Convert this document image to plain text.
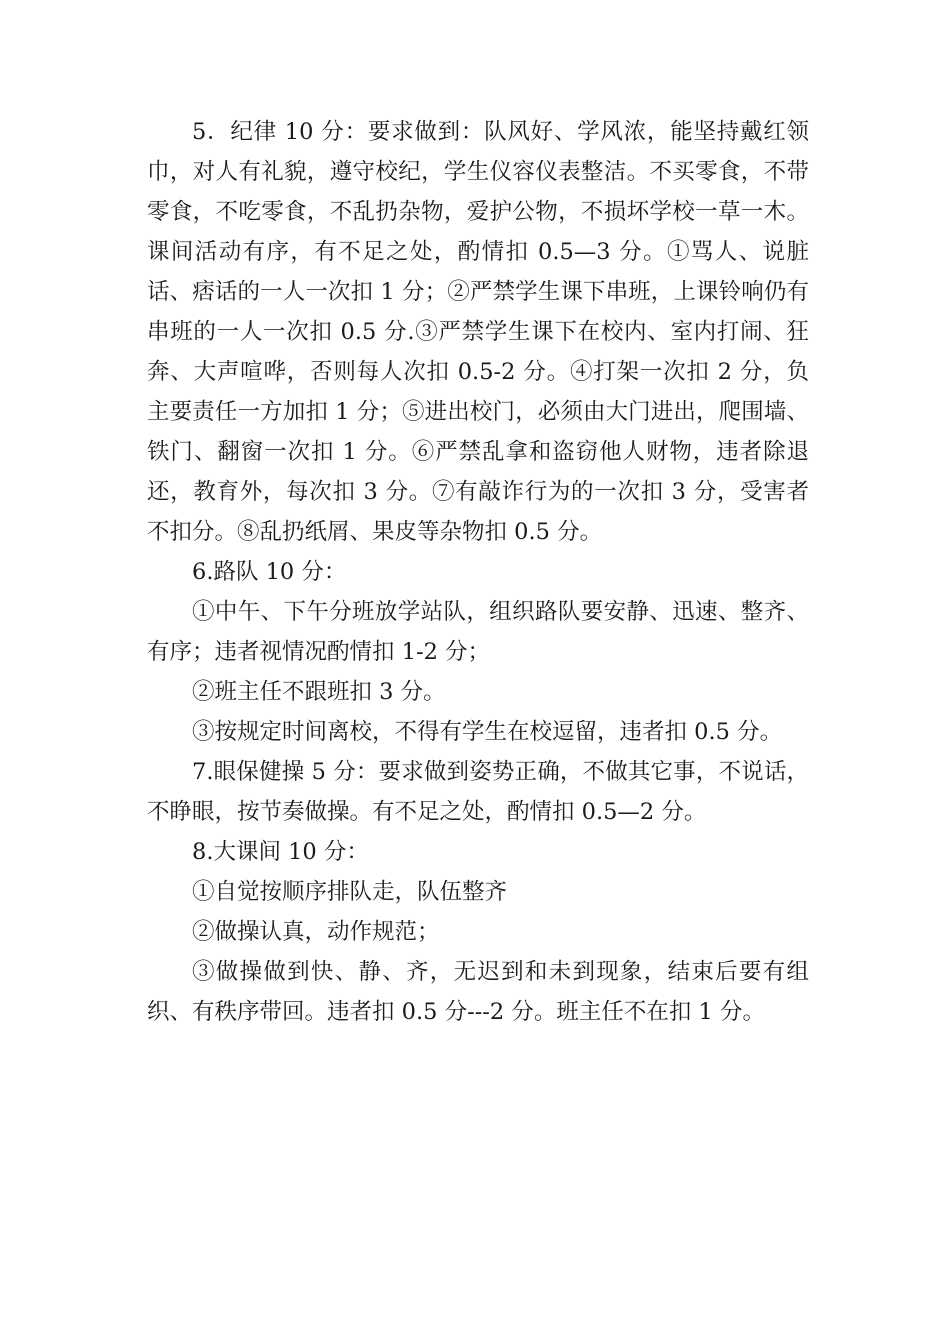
5．纪律 10 分：要求做到：队风好、学风浓，能坚持戴红领巾，对人有礼貌，遵守校纪，学生仪容仪表整洁。不买零食，不带零食，不吃零食，不乱扔杂物，爱护公物，不损坏学校一草一木。 课间活动有序，有不足之处，酌情扣 0.5—3 分。①骂人、说脏话、痞话的一人一次扣 1 分；②严禁学生课下串班，上课铃响仍有串班的一人一次扣 0.5 分.③严禁学生课下在校内、室内打闹、狂奔、大声喧哗，否则每人次扣 0.5-2 分。④打架一次扣 2 分，负主要责任一方加扣 1 分；⑤进出校门，必须由大门进出，爬围墙、铁门、翻窗一次扣 1 分。⑥严禁乱拿和盗窃他人财物，违者除退还，教育外，每次扣 3 分。⑦有敲诈行为的一次扣 3 分，受害者不扣分。⑧乱扔纸屑、果皮等杂物扣 0.5 分。

6.路队 10 分：

①中午、下午分班放学站队，组织路队要安静、迅速、整齐、有序；违者视情况酌情扣 1-2 分；

②班主任不跟班扣 3 分。

③按规定时间离校，不得有学生在校逗留，违者扣 0.5 分。

7.眼保健操 5 分：要求做到姿势正确，不做其它事，不说话，不睁眼，按节奏做操。有不足之处，酌情扣 0.5—2 分。

8.大课间 10 分：

①自觉按顺序排队走，队伍整齐

②做操认真，动作规范；

③做操做到快、静、齐，无迟到和未到现象，结束后要有组织、有秩序带回。违者扣 0.5 分---2 分。班主任不在扣 1 分。
